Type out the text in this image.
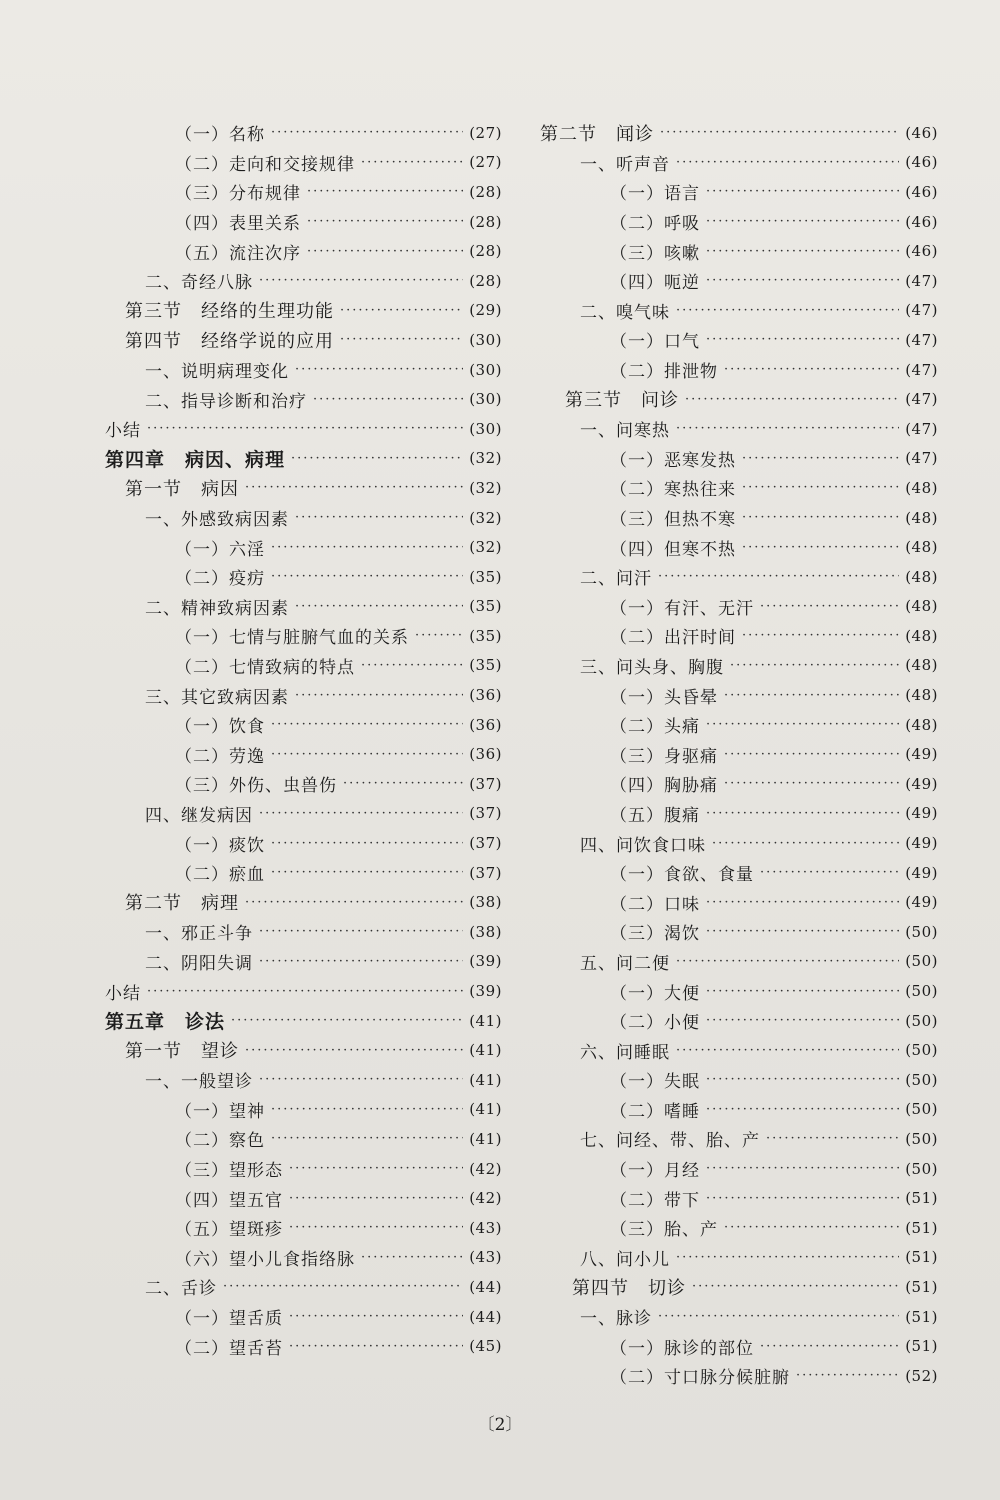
（一）名称 ·····	(27)
（二）走向和交接规律 ·····	(27)
（三）分布规律 ·····	(28)
（四）表里关系 ·····	(28)
（五）流注次序 ·····	(28)
二、奇经八脉 ·····	(28)
第三节　经络的生理功能 ·····	(29)
第四节　经络学说的应用 ·····	(30)
一、说明病理变化 ·····	(30)
二、指导诊断和治疗 ·····	(30)
小结 ·····	(30)
第四章　病因、病理 ·····	(32)
第一节　病因 ·····	(32)
一、外感致病因素 ·····	(32)
（一）六淫 ·····	(32)
（二）疫疠 ·····	(35)
二、精神致病因素 ·····	(35)
（一）七情与脏腑气血的关系 ·····	(35)
（二）七情致病的特点 ·····	(35)
三、其它致病因素 ·····	(36)
（一）饮食 ·····	(36)
（二）劳逸 ·····	(36)
（三）外伤、虫兽伤 ·····	(37)
四、继发病因 ·····	(37)
（一）痰饮 ·····	(37)
（二）瘀血 ·····	(37)
第二节　病理 ·····	(38)
一、邪正斗争 ·····	(38)
二、阴阳失调 ·····	(39)
小结 ·····	(39)
第五章　诊法 ·····	(41)
第一节　望诊 ·····	(41)
一、一般望诊 ·····	(41)
（一）望神 ·····	(41)
（二）察色 ·····	(41)
（三）望形态 ·····	(42)
（四）望五官 ·····	(42)
（五）望斑疹 ·····	(43)
（六）望小儿食指络脉 ·····	(43)
二、舌诊 ·····	(44)
（一）望舌质 ·····	(44)
（二）望舌苔 ·····	(45)
第二节　闻诊 ·····	(46)
一、听声音 ·····	(46)
（一）语言 ·····	(46)
（二）呼吸 ·····	(46)
（三）咳嗽 ·····	(46)
（四）呃逆 ·····	(47)
二、嗅气味 ·····	(47)
（一）口气 ·····	(47)
（二）排泄物 ·····	(47)
第三节　问诊 ·····	(47)
一、问寒热 ·····	(47)
（一）恶寒发热 ·····	(47)
（二）寒热往来 ·····	(48)
（三）但热不寒 ·····	(48)
（四）但寒不热 ·····	(48)
二、问汗 ·····	(48)
（一）有汗、无汗 ·····	(48)
（二）出汗时间 ·····	(48)
三、问头身、胸腹 ·····	(48)
（一）头昏晕 ·····	(48)
（二）头痛 ·····	(48)
（三）身驱痛 ·····	(49)
（四）胸胁痛 ·····	(49)
（五）腹痛 ·····	(49)
四、问饮食口味 ·····	(49)
（一）食欲、食量 ·····	(49)
（二）口味 ·····	(49)
（三）渴饮 ·····	(50)
五、问二便 ·····	(50)
（一）大便 ·····	(50)
（二）小便 ·····	(50)
六、问睡眠 ·····	(50)
（一）失眠 ·····	(50)
（二）嗜睡 ·····	(50)
七、问经、带、胎、产 ·····	(50)
（一）月经 ·····	(50)
（二）带下 ·····	(51)
（三）胎、产 ·····	(51)
八、问小儿 ·····	(51)
第四节　切诊 ·····	(51)
一、脉诊 ·····	(51)
（一）脉诊的部位 ·····	(51)
（二）寸口脉分候脏腑 ·····	(52)
〔2〕
